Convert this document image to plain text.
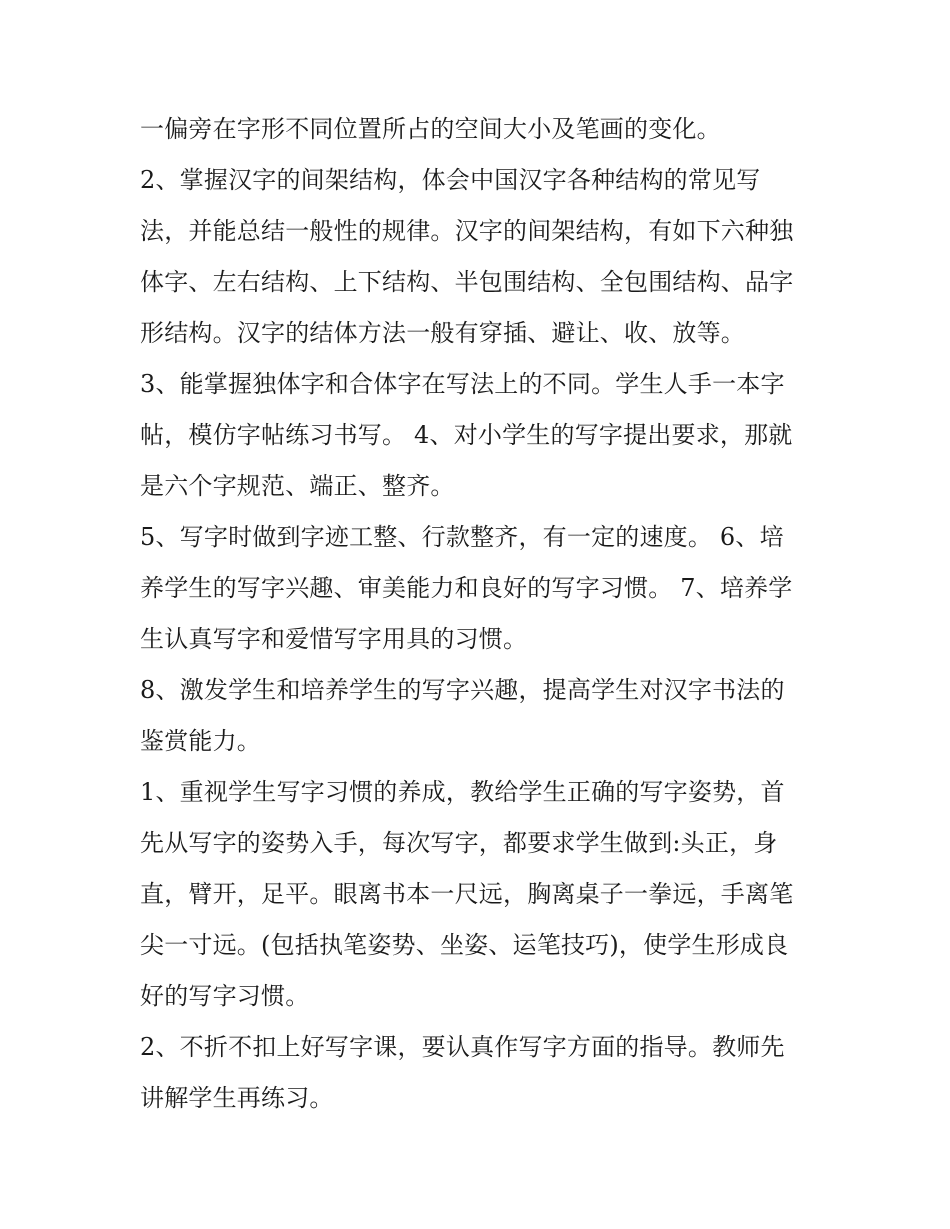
一偏旁在字形不同位置所占的空间大小及笔画的变化。
2、掌握汉字的间架结构，体会中国汉字各种结构的常见写
法，并能总结一般性的规律。汉字的间架结构，有如下六种独
体字、左右结构、上下结构、半包围结构、全包围结构、品字
形结构。汉字的结体方法一般有穿插、避让、收、放等。
3、能掌握独体字和合体字在写法上的不同。学生人手一本字
帖，模仿字帖练习书写。 4、对小学生的写字提出要求，那就
是六个字规范、端正、整齐。
5、写字时做到字迹工整、行款整齐，有一定的速度。 6、培
养学生的写字兴趣、审美能力和良好的写字习惯。 7、培养学
生认真写字和爱惜写字用具的习惯。
8、激发学生和培养学生的写字兴趣，提高学生对汉字书法的
鉴赏能力。
1、重视学生写字习惯的养成，教给学生正确的写字姿势，首
先从写字的姿势入手，每次写字，都要求学生做到:头正，身
直，臂开，足平。眼离书本一尺远，胸离桌子一拳远，手离笔
尖一寸远。(包括执笔姿势、坐姿、运笔技巧)，使学生形成良
好的写字习惯。
2、不折不扣上好写字课，要认真作写字方面的指导。教师先
讲解学生再练习。
